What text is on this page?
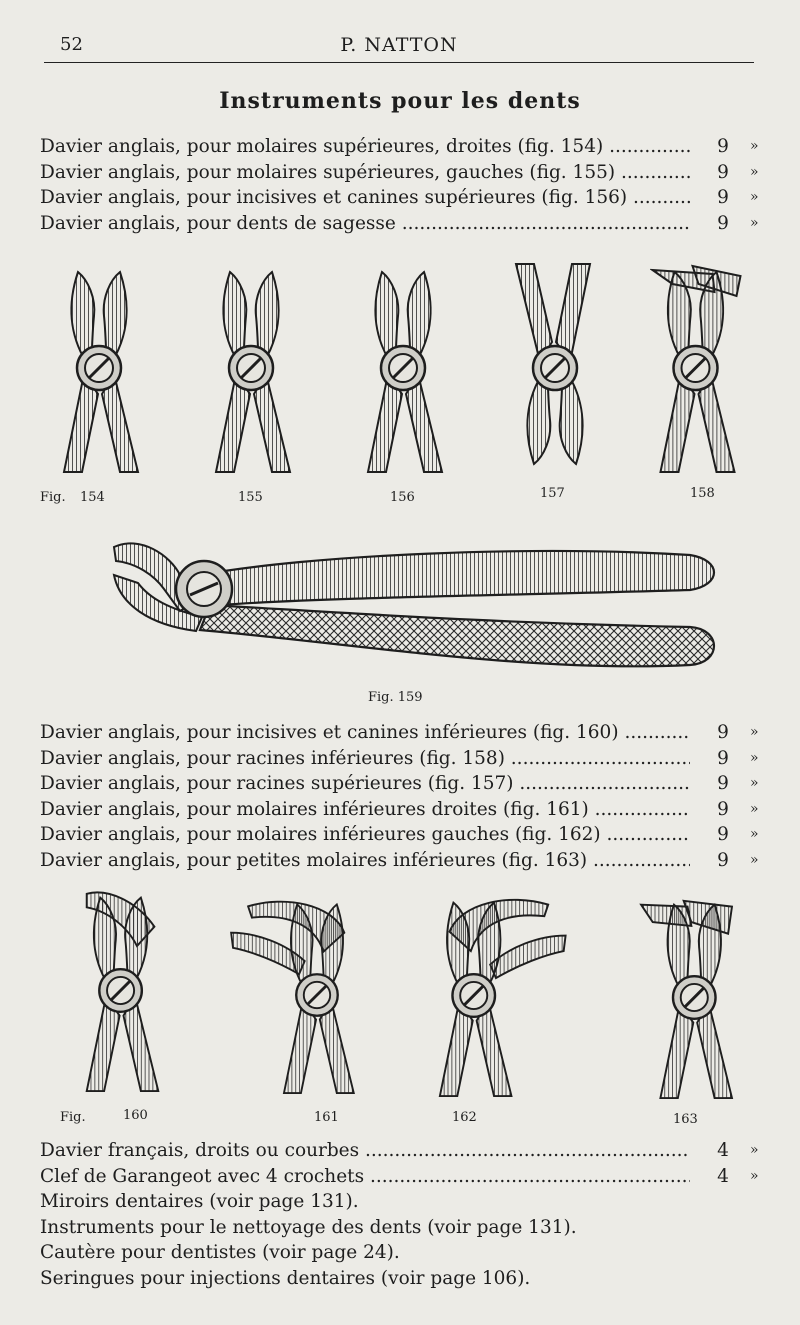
52	P. NATTON
Instruments pour les dents
Davier anglais, pour molaires supérieures, droites (fig. 154) .....	9 »
Davier anglais, pour molaires supérieures, gauches (fig. 155) .....	9 »
Davier anglais, pour incisives et canines supérieures (fig. 156) .....	9 »
Davier anglais, pour dents de sagesse .....	9 »
Fig. 154	155	156	157	158
Fig. 159
Davier anglais, pour incisives et canines inférieures (fig. 160) .....	9 »
Davier anglais, pour racines inférieures (fig. 158) .....	9 »
Davier anglais, pour racines supérieures (fig. 157) .....	9 »
Davier anglais, pour molaires inférieures droites (fig. 161) .....	9 »
Davier anglais, pour molaires inférieures gauches (fig. 162) .....	9 »
Davier anglais, pour petites molaires inférieures (fig. 163) .....	9 »
Fig.	160	161	162	163
Davier français, droits ou courbes .....	4 »
Clef de Garangeot avec 4 crochets .....	4 »
Miroirs dentaires (voir page 131).
Instruments pour le nettoyage des dents (voir page 131).
Cautère pour dentistes (voir page 24).
Seringues pour injections dentaires (voir page 106).
